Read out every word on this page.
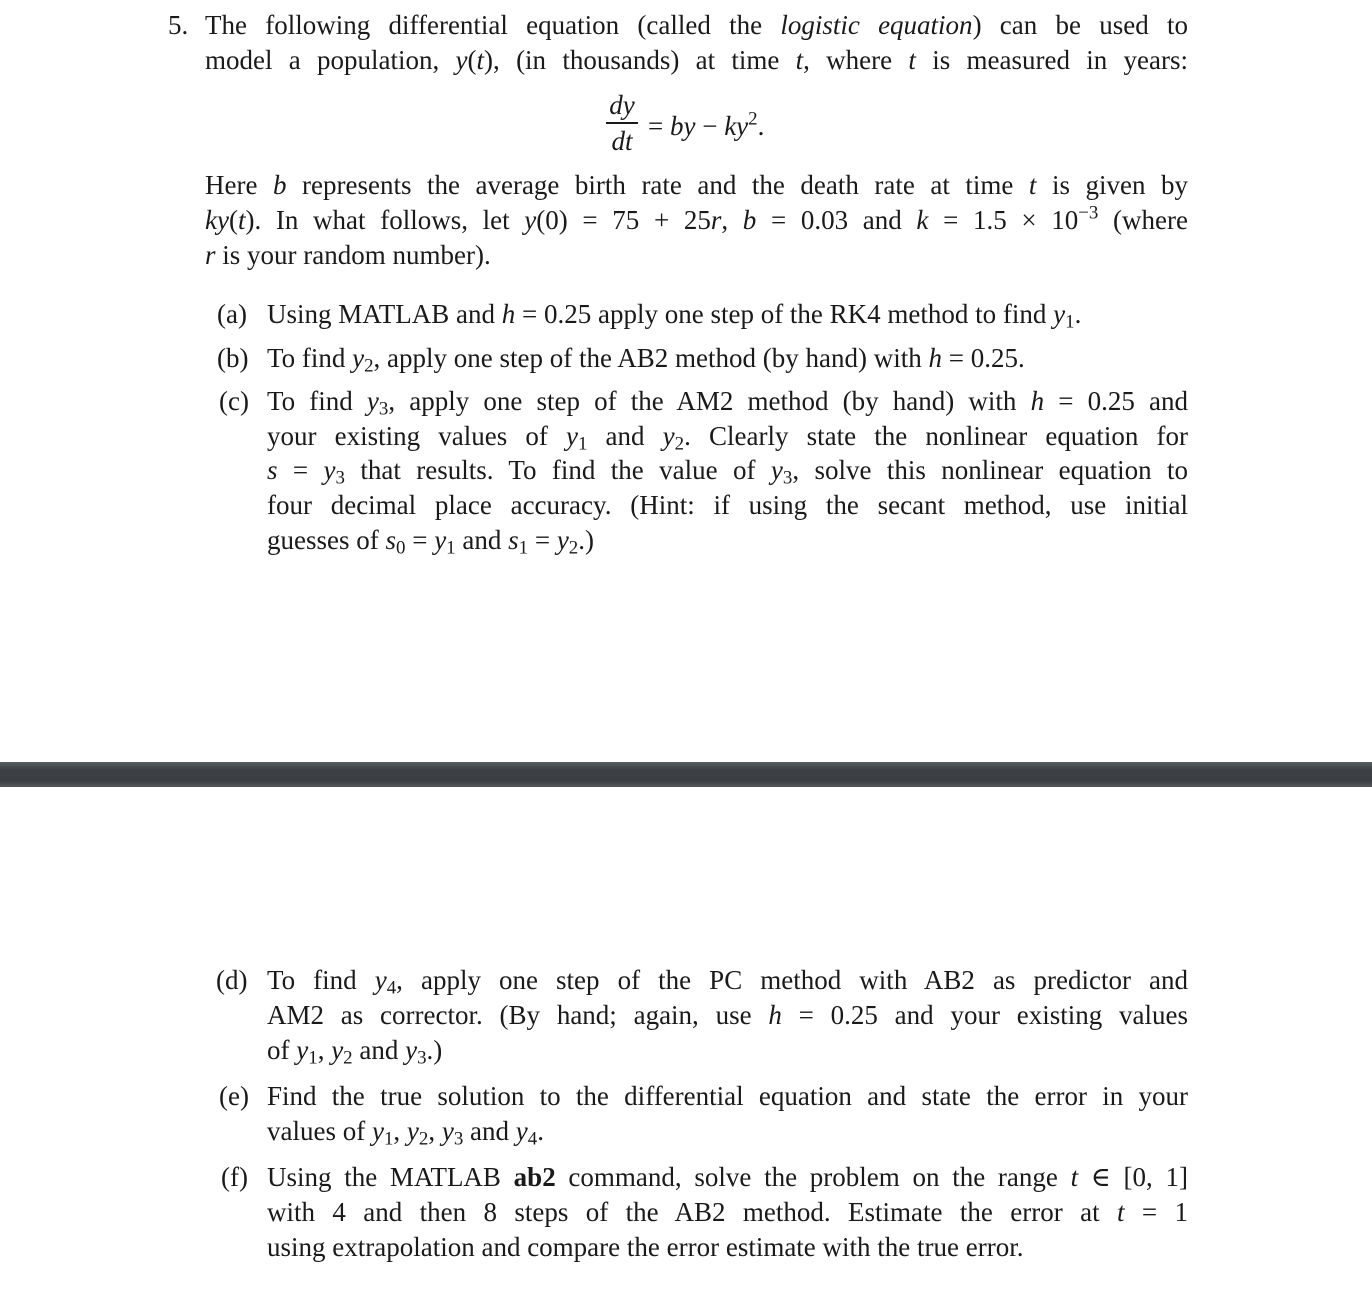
5. The following differential equation (called the logistic equation) can be used to
model a population, y(t), (in thousands) at time t, where t is measured in years:
dy
dt = by − $ky^2$.
Here b represents the average birth rate and the death rate at time t is given by
ky(t). In what follows, let y(0) = 75 + 25r, b = 0.03 and $k = 1.5 \times 10^{-3}$ (where
r is your random number).
(a) Using MATLAB and h = 0.25 apply one step of the RK4 method to find $y_1$.
(b) To find $y_2$, apply one step of the AB2 method (by hand) with h = 0.25.
(c) To find $y_3$, apply one step of the AM2 method (by hand) with h = 0.25 and
your existing values of $y_1$ and $y_2$. Clearly state the nonlinear equation for
$s = y_3$ that results. To find the value of $y_3$, solve this nonlinear equation to
four decimal place accuracy. (Hint: if using the secant method, use initial
guesses of $s_0 = y_1$ and $s_1 = y_2$.)
(d) To find $y_4$, apply one step of the PC method with AB2 as predictor and
AM2 as corrector. (By hand; again, use h = 0.25 and your existing values
of $y_1$, $y_2$ and $y_3$.)
(e) Find the true solution to the differential equation and state the error in your
values of $y_1$, $y_2$, $y_3$ and $y_4$.
(f) Using the MATLAB ab2 command, solve the problem on the range t ∈ [0, 1]
with 4 and then 8 steps of the AB2 method. Estimate the error at t = 1
using extrapolation and compare the error estimate with the true error.
